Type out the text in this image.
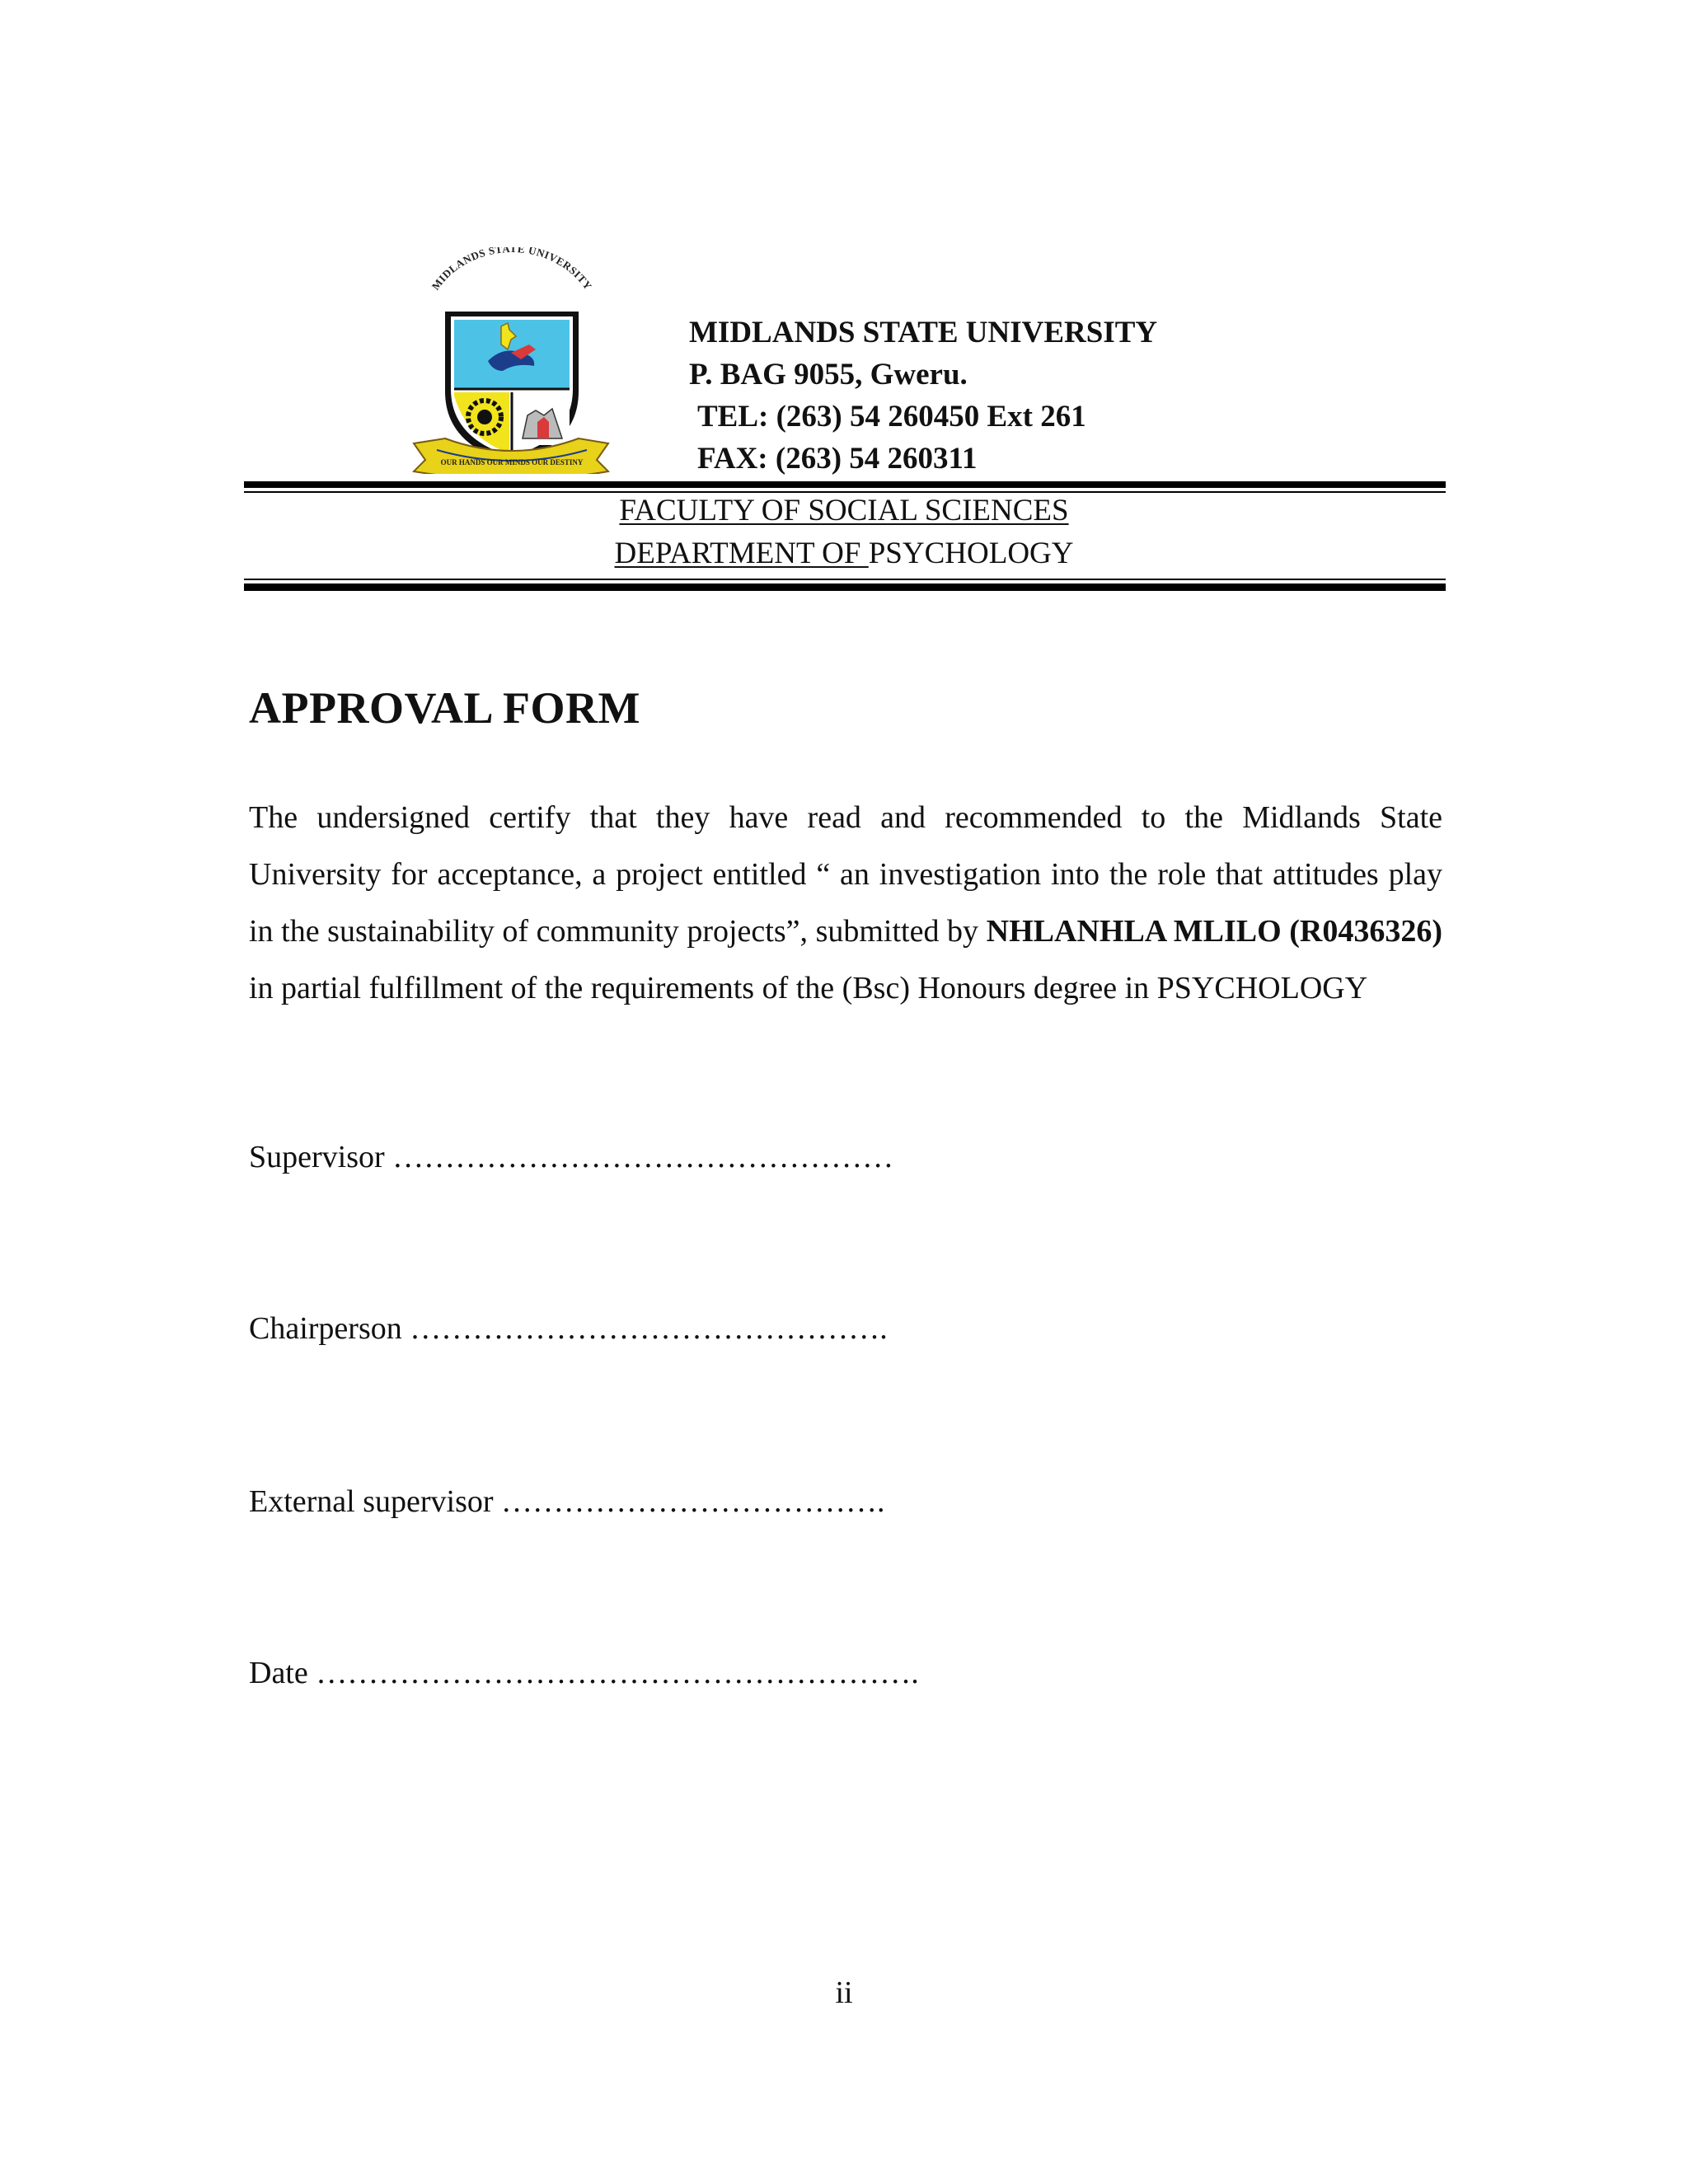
MIDLANDS STATE UNIVERSITY
OUR HANDS OUR MINDS OUR DESTINY
MIDLANDS STATE UNIVERSITY
P. BAG 9055, Gweru.
TEL: (263) 54 260450 Ext 261
FAX: (263) 54 260311
FACULTY OF SOCIAL SCIENCES
DEPARTMENT OF PSYCHOLOGY
APPROVAL FORM
The undersigned certify that they have read and recommended to the Midlands State University for acceptance, a project entitled “ an investigation into the role that attitudes play in the sustainability of community projects”, submitted by NHLANHLA MLILO (R0436326) in partial fulfillment of the requirements of the (Bsc) Honours degree in PSYCHOLOGY
Supervisor …………………………………………
Chairperson ……………………………………….
External supervisor ……………………………….
Date ………………………………………………….
ii
